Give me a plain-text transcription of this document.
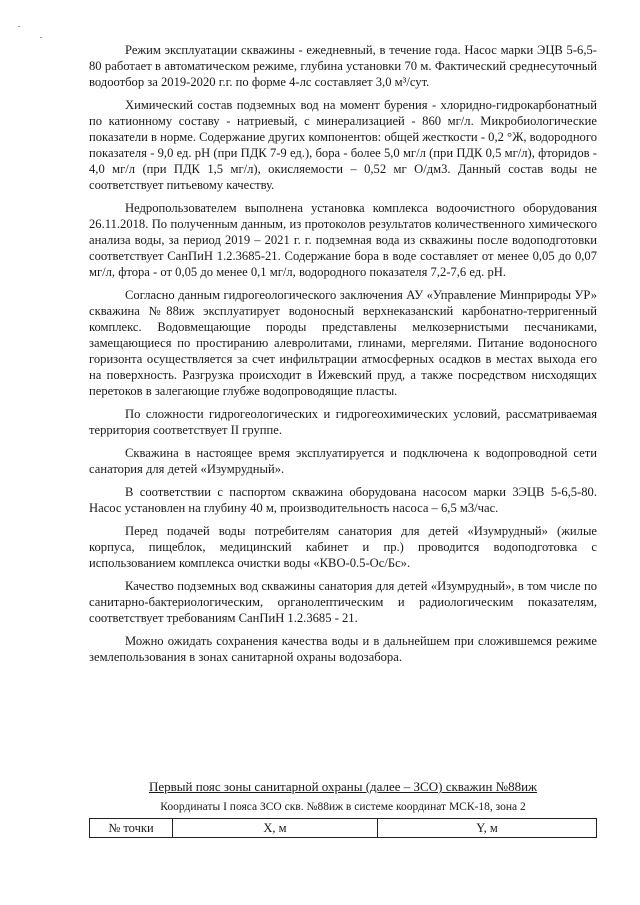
Режим эксплуатации скважины - ежедневный, в течение года. Насос марки ЭЦВ 5-6,5-80 работает в автоматическом режиме, глубина установки 70 м. Фактический среднесуточный водоотбор за 2019-2020 г.г. по форме 4-лс составляет 3,0 м³/сут.

Химический состав подземных вод на момент бурения - хлоридно-гидрокарбонатный по катионному составу - натриевый, с минерализацией - 860 мг/л. Микробиологические показатели в норме. Содержание других компонентов: общей жесткости - 0,2 °Ж, водородного показателя - 9,0 ед. рН (при ПДК 7-9 ед.), бора - более 5,0 мг/л (при ПДК 0,5 мг/л), фторидов - 4,0 мг/л (при ПДК 1,5 мг/л), окисляемости – 0,52 мг О/дм3. Данный состав воды не соответствует питьевому качеству.

Недропользователем выполнена установка комплекса водоочистного оборудования 26.11.2018. По полученным данным, из протоколов результатов количественного химического анализа воды, за период 2019 – 2021 г. г. подземная вода из скважины после водоподготовки соответствует СанПиН 1.2.3685-21. Содержание бора в воде составляет от менее 0,05 до 0,07 мг/л, фтора - от 0,05 до менее 0,1 мг/л, водородного показателя 7,2-7,6 ед. рН.

Согласно данным гидрогеологического заключения АУ «Управление Минприроды УР» скважина №88иж эксплуатирует водоносный верхнеказанский карбонатно-терригенный комплекс. Водовмещающие породы представлены мелкозернистыми песчаниками, замещающиеся по простиранию алевролитами, глинами, мергелями. Питание водоносного горизонта осуществляется за счет инфильтрации атмосферных осадков в местах выхода его на поверхность. Разгрузка происходит в Ижевский пруд, а также посредством нисходящих перетоков в залегающие глубже водопроводящие пласты.

По сложности гидрогеологических и гидрогеохимических условий, рассматриваемая территория соответствует II группе.

Скважина в настоящее время эксплуатируется и подключена к водопроводной сети санатория для детей «Изумрудный».

В соответствии с паспортом скважина оборудована насосом марки 3ЭЦВ 5-6,5-80. Насос установлен на глубину 40 м, производительность насоса – 6,5 м3/час.

Перед подачей воды потребителям санатория для детей «Изумрудный» (жилые корпуса, пищеблок, медицинский кабинет и пр.) проводится водоподготовка с использованием комплекса очистки воды «КВО-0.5-Ос/Бс».

Качество подземных вод скважины санатория для детей «Изумрудный», в том числе по санитарно-бактериологическим, органолептическим и радиологическим показателям, соответствует требованиям СанПиН 1.2.3685 - 21.

Можно ожидать сохранения качества воды и в дальнейшем при сложившемся режиме землепользования в зонах санитарной охраны водозабора.

Первый пояс зоны санитарной охраны (далее – ЗСО) скважин №88иж
Координаты I пояса ЗСО скв. №88иж в системе координат МСК-18, зона 2
№ точки	X, м	Y, м
